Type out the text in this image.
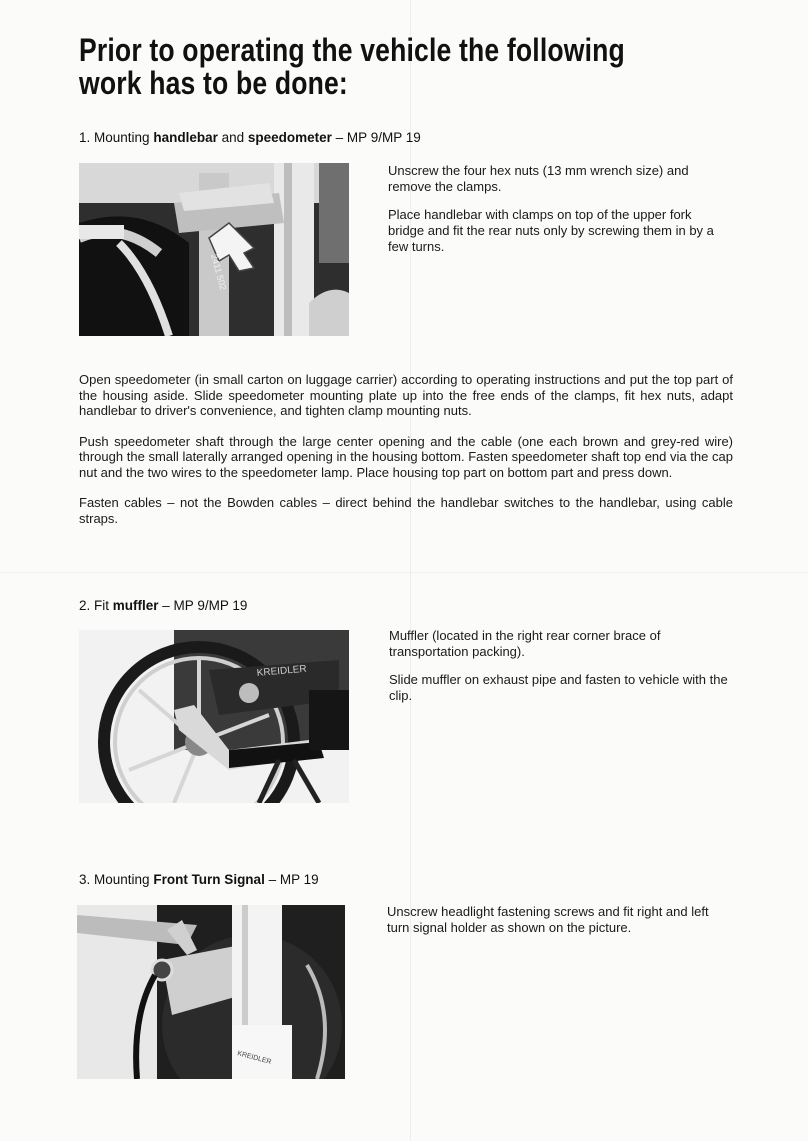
Prior to operating the vehicle the following work has to be done:
1. Mounting handlebar and speedometer – MP 9/MP 19
2411 502

Unscrew the four hex nuts (13 mm wrench size) and remove the clamps.

Place handlebar with clamps on top of the upper fork bridge and fit the rear nuts only by screwing them in by a few turns.

Open speedometer (in small carton on luggage carrier) according to operating instructions and put the top part of the housing aside. Slide speedometer mounting plate up into the free ends of the clamps, fit hex nuts, adapt handlebar to driver's convenience, and tighten clamp mounting nuts.

Push speedometer shaft through the large center opening and the cable (one each brown and grey-red wire) through the small laterally arranged opening in the housing bottom. Fasten speedometer shaft top end via the cap nut and the two wires to the speedometer lamp. Place housing top part on bottom part and press down.

Fasten cables – not the Bowden cables – direct behind the handlebar switches to the handlebar, using cable straps.

2. Fit muffler – MP 9/MP 19
KREIDLER

Muffler (located in the right rear corner brace of transportation packing).

Slide muffler on exhaust pipe and fasten to vehicle with the clip.

3. Mounting Front Turn Signal – MP 19
KREIDLER

Unscrew headlight fastening screws and fit right and left turn signal holder as shown on the picture.
